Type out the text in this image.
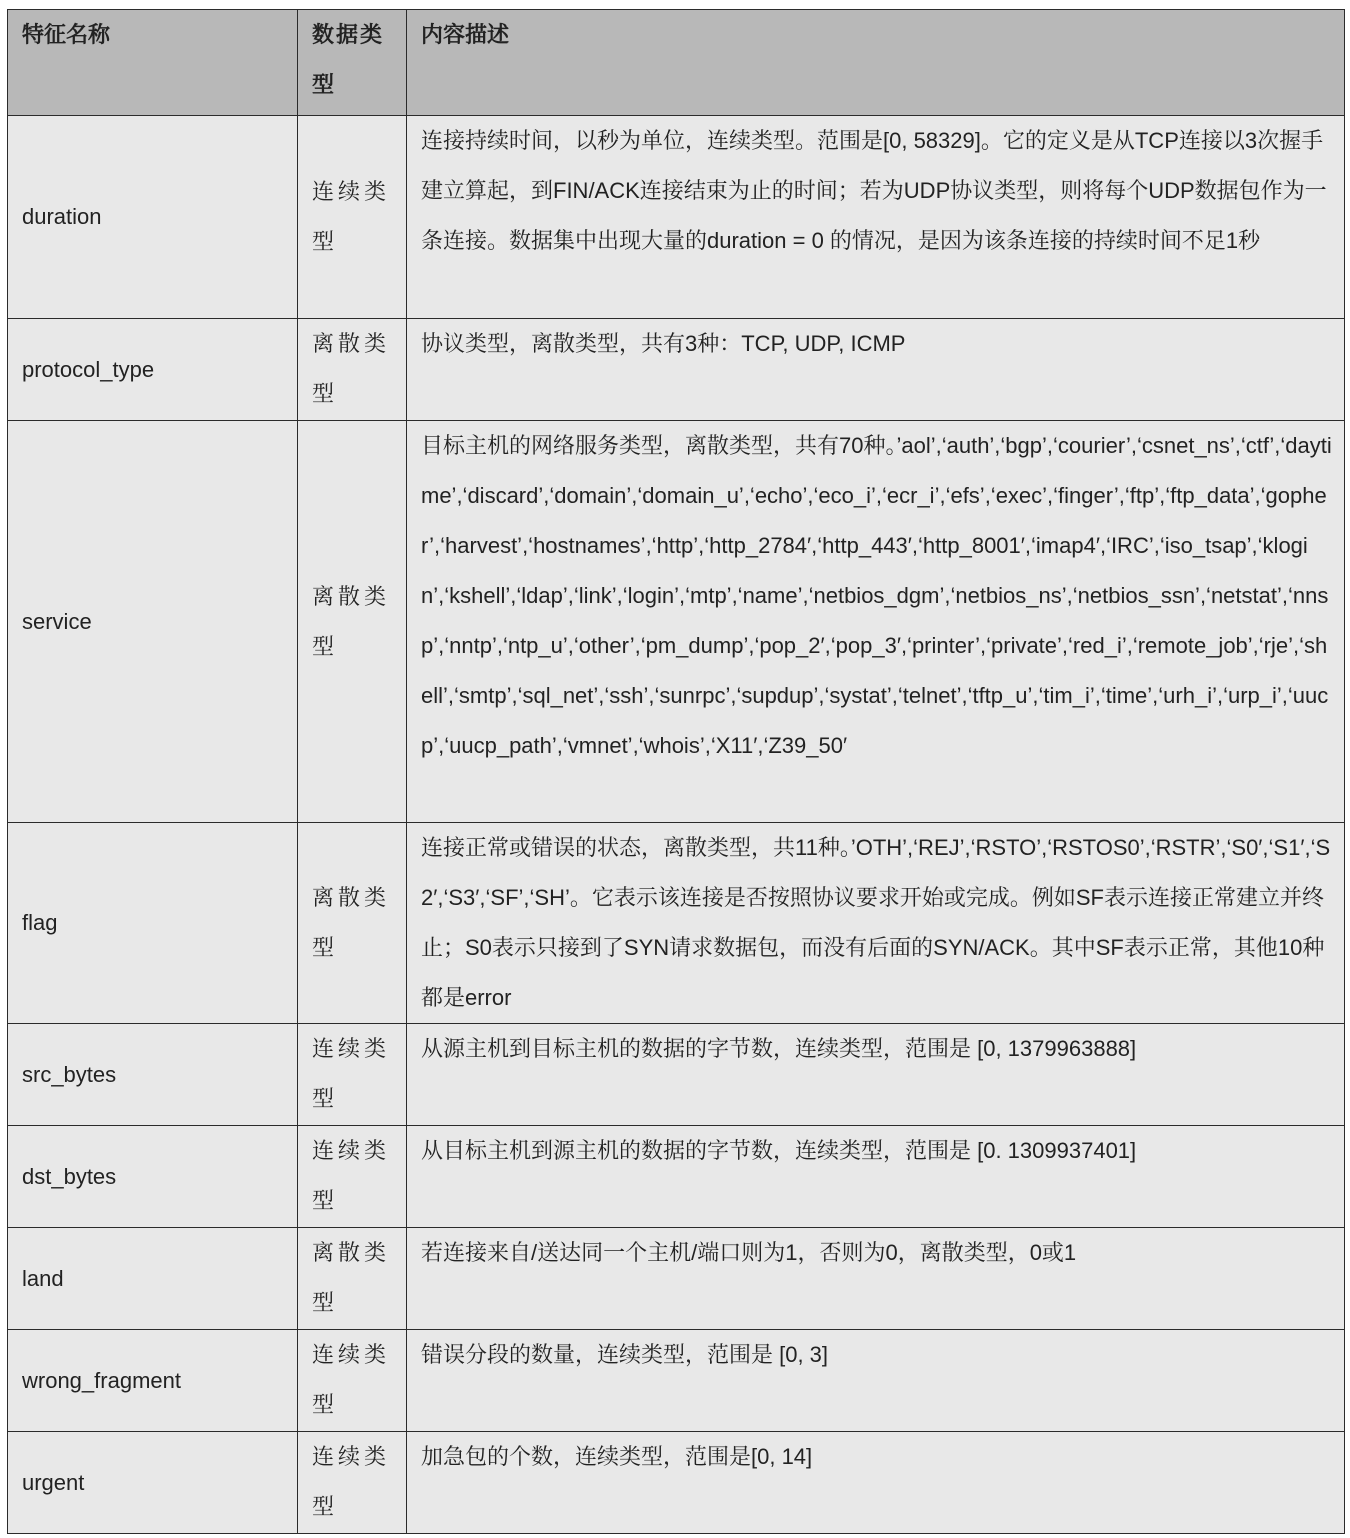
特征名称	数据类型	内容描述

duration	连续类型	连接持续时间，以秒为单位，连续类型。范围是[0, 58329]。它的定义是从TCP连接以3次握手建立算起，到FIN/ACK连接结束为止的时间；若为UDP协议类型，则将每个UDP数据包作为一条连接。数据集中出现大量的duration = 0 的情况，是因为该条连接的持续时间不足1秒

protocol_type	离散类型	协议类型，离散类型，共有3种：TCP, UDP, ICMP

service	离散类型	目标主机的网络服务类型，离散类型，共有70种。’aol’,‘auth’,‘bgp’,‘courier’,‘csnet_ns’,‘ctf’,‘daytime’,‘discard’,‘domain’,‘domain_u’,‘echo’,‘eco_i’,‘ecr_i’,‘efs’,‘exec’,‘finger’,‘ftp’,‘ftp_data’,‘gopher’,‘harvest’,‘hostnames’,‘http’,‘http_2784′,‘http_443′,‘http_8001′,‘imap4′,‘IRC’,‘iso_tsap’,‘klogin’,‘kshell’,‘ldap’,‘link’,‘login’,‘mtp’,‘name’,‘netbios_dgm’,‘netbios_ns’,‘netbios_ssn’,‘netstat’,‘nnsp’,‘nntp’,‘ntp_u’,‘other’,‘pm_dump’,‘pop_2′,‘pop_3′,‘printer’,‘private’,‘red_i’,‘remote_job’,‘rje’,‘shell’,‘smtp’,‘sql_net’,‘ssh’,‘sunrpc’,‘supdup’,‘systat’,‘telnet’,‘tftp_u’,‘tim_i’,‘time’,‘urh_i’,‘urp_i’,‘uucp’,‘uucp_path’,‘vmnet’,‘whois’,‘X11′,‘Z39_50′

flag	离散类型	连接正常或错误的状态，离散类型，共11种。’OTH’,‘REJ’,‘RSTO’,‘RSTOS0’,‘RSTR’,‘S0′,‘S1′,‘S2′,‘S3′,‘SF’,‘SH’。它表示该连接是否按照协议要求开始或完成。例如SF表示连接正常建立并终止；S0表示只接到了SYN请求数据包，而没有后面的SYN/ACK。其中SF表示正常，其他10种都是error

src_bytes	连续类型	从源主机到目标主机的数据的字节数，连续类型，范围是 [0, 1379963888]

dst_bytes	连续类型	从目标主机到源主机的数据的字节数，连续类型，范围是 [0. 1309937401]

land	离散类型	若连接来自/送达同一个主机/端口则为1，否则为0，离散类型，0或1

wrong_fragment	连续类型	错误分段的数量，连续类型，范围是 [0, 3]

urgent	连续类型	加急包的个数，连续类型，范围是[0, 14]
